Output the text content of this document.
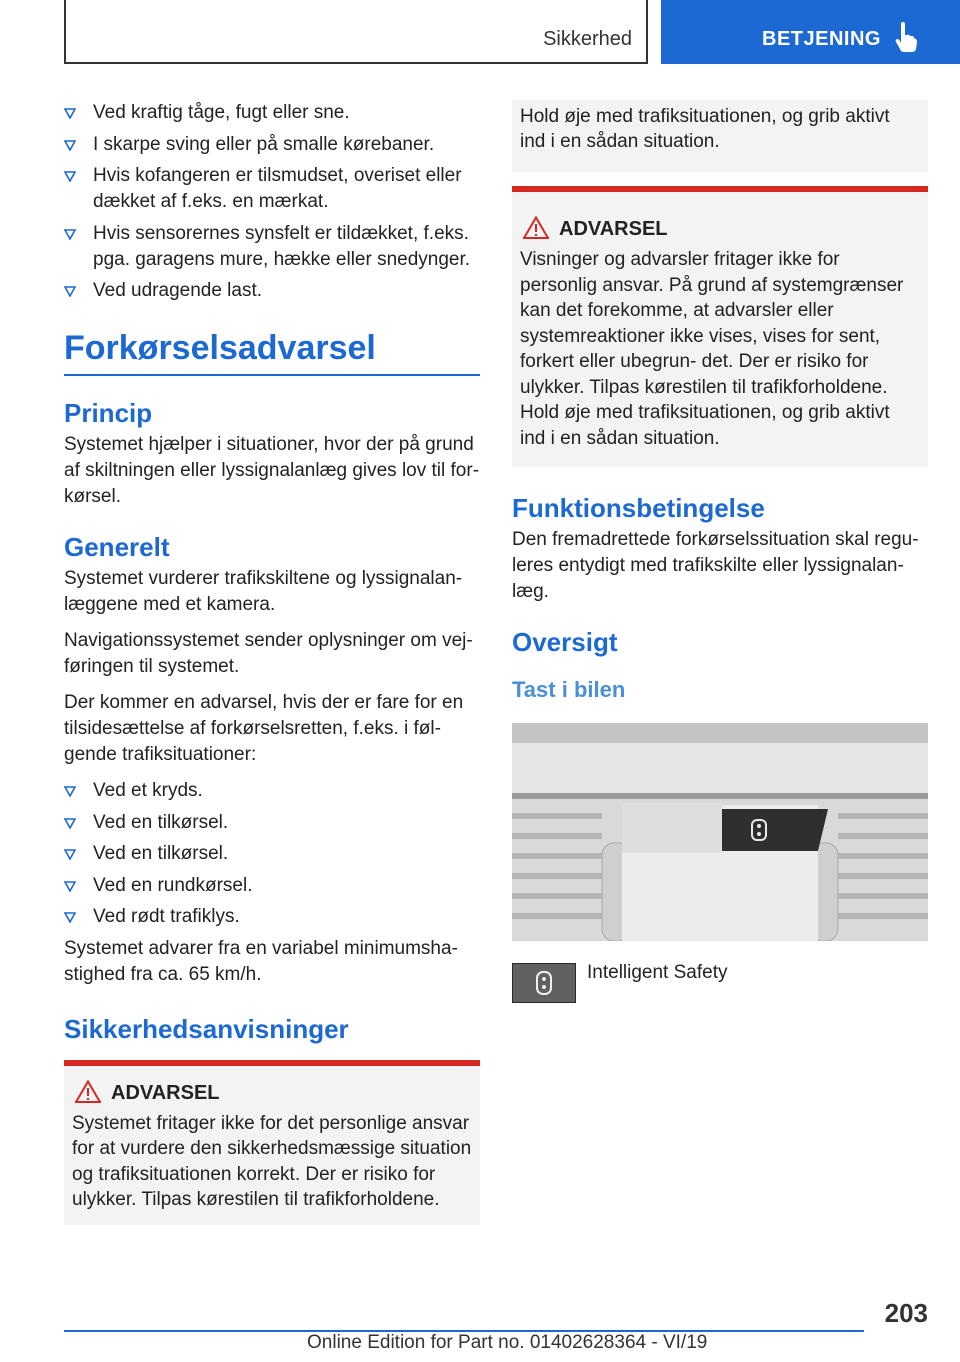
Sikkerhed	BETJENING
Ved kraftig tåge, fugt eller sne.
I skarpe sving eller på smalle kørebaner.
Hvis kofangeren er tilsmudset, overiset eller dækket af f.eks. en mærkat.
Hvis sensorernes synsfelt er tildækket, f.eks. pga. garagens mure, hække eller snedynger.
Ved udragende last.
Forkørselsadvarsel
Princip

Systemet hjælper i situationer, hvor der på grund af skiltningen eller lyssignalanlæg gives lov til for- kørsel.

Generelt

Systemet vurderer trafikskiltene og lyssignalan- læggene med et kamera.

Navigationssystemet sender oplysninger om vej- føringen til systemet.

Der kommer en advarsel, hvis der er fare for en tilsidesættelse af forkørselsretten, f.eks. i føl- gende trafiksituationer:

Ved et kryds.
Ved en tilkørsel.
Ved en tilkørsel.
Ved en rundkørsel.
Ved rødt trafiklys.

Systemet advarer fra en variabel minimumsha- stighed fra ca. 65 km/h.

Sikkerhedsanvisninger
ADVARSEL

Systemet fritager ikke for det personlige ansvar for at vurdere den sikkerhedsmæssige situation og trafiksituationen korrekt. Der er risiko for ulykker. Tilpas kørestilen til trafikforholdene.

Hold øje med trafiksituationen, og grib aktivt ind i en sådan situation.

ADVARSEL

Visninger og advarsler fritager ikke for personlig ansvar. På grund af systemgrænser kan det forekomme, at advarsler eller systemreaktioner ikke vises, vises for sent, forkert eller ubegrun- det. Der er risiko for ulykker. Tilpas kørestilen til trafikforholdene. Hold øje med trafiksituationen, og grib aktivt ind i en sådan situation.

Funktionsbetingelse

Den fremadrettede forkørselssituation skal regu- leres entydigt med trafikskilte eller lyssignalan- læg.

Oversigt
Tast i bilen
Intelligent Safety
203
Online Edition for Part no. 01402628364 - VI/19
